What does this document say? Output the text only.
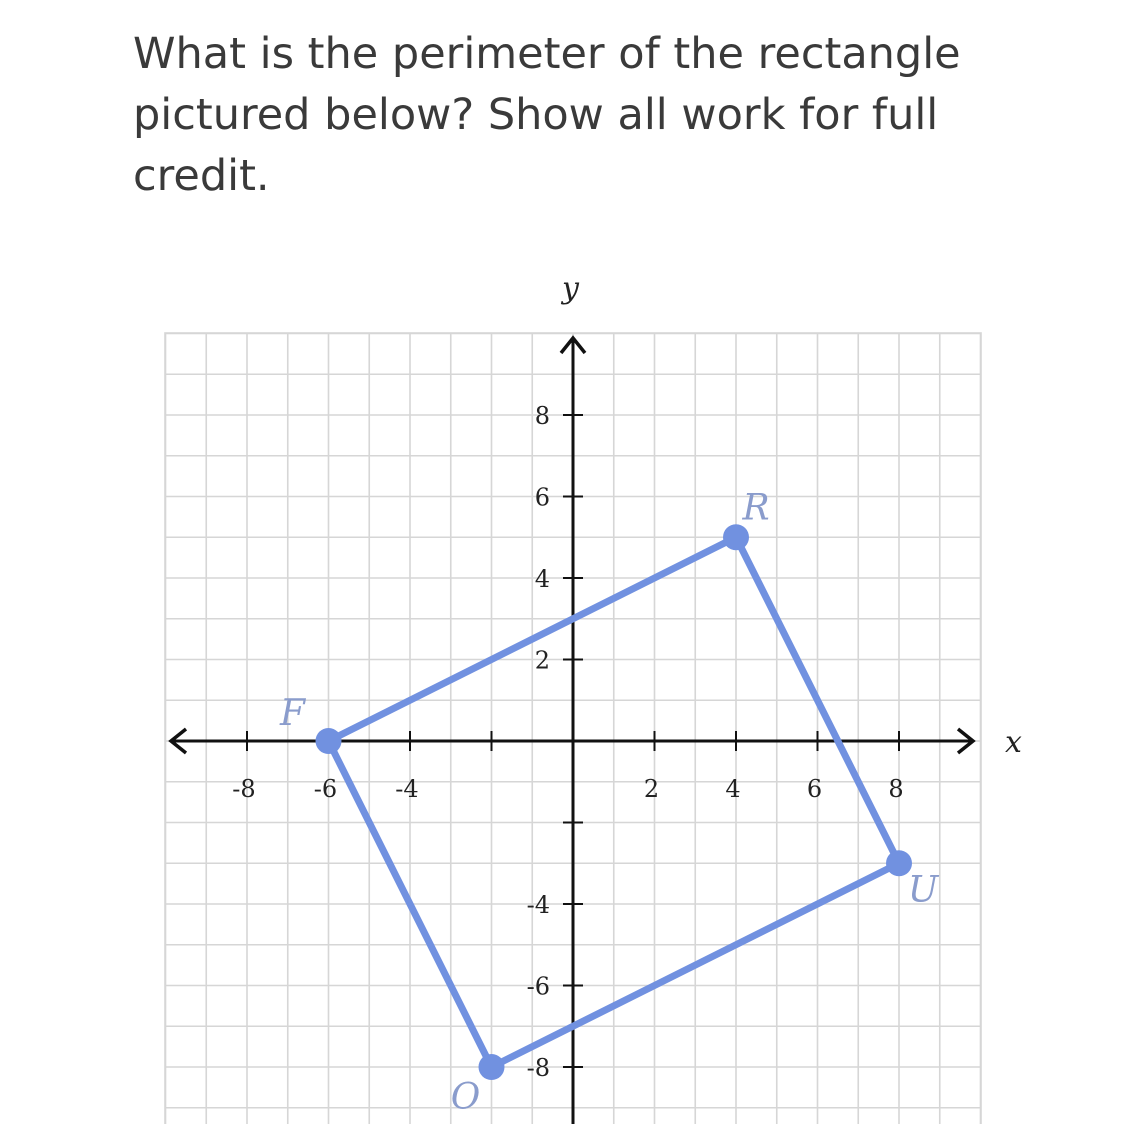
What is the perimeter of the rectangle pictured below? Show all work for full credit.

-8 -6 -4	2	4	6	8
8
6
4
2
-4
-6
-8
F
R
U
O
x
y
